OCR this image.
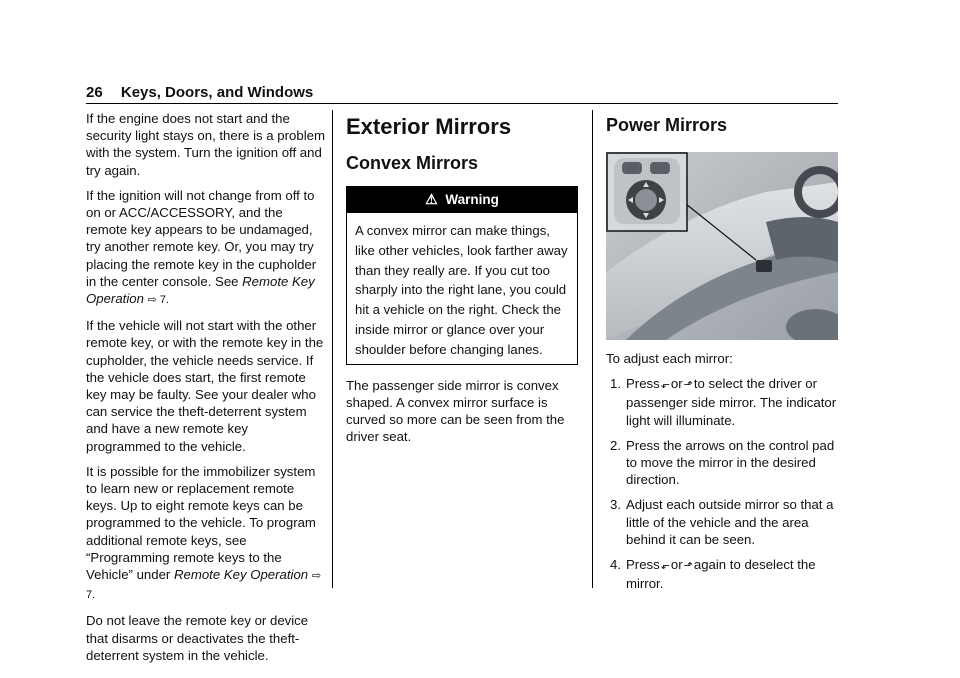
26 Keys, Doors, and Windows

If the engine does not start and the security light stays on, there is a problem with the system. Turn the ignition off and try again.

If the ignition will not change from off to on or ACC/ACCESSORY, and the remote key appears to be undamaged, try another remote key. Or, you may try placing the remote key in the cupholder in the center console. See Remote Key Operation ⇨ 7.

If the vehicle will not start with the other remote key, or with the remote key in the cupholder, the vehicle needs service. If the vehicle does start, the first remote key may be faulty. See your dealer who can service the theft-deterrent system and have a new remote key programmed to the vehicle.

It is possible for the immobilizer system to learn new or replacement remote keys. Up to eight remote keys can be programmed to the vehicle. To program additional remote keys, see “Programming remote keys to the Vehicle” under Remote Key Operation ⇨ 7.

Do not leave the remote key or device that disarms or deactivates the theft-deterrent system in the vehicle.

Exterior Mirrors
Convex Mirrors
⚠ Warning
A convex mirror can make things, like other vehicles, look farther away than they really are. If you cut too sharply into the right lane, you could hit a vehicle on the right. Check the inside mirror or glance over your shoulder before changing lanes.

The passenger side mirror is convex shaped. A convex mirror surface is curved so more can be seen from the driver seat.

Power Mirrors

To adjust each mirror:

1. Press⬐or⬏to select the driver or passenger side mirror. The indicator light will illuminate.
2. Press the arrows on the control pad to move the mirror in the desired direction.
3. Adjust each outside mirror so that a little of the vehicle and the area behind it can be seen.
4. Press⬐or⬏again to deselect the mirror.
